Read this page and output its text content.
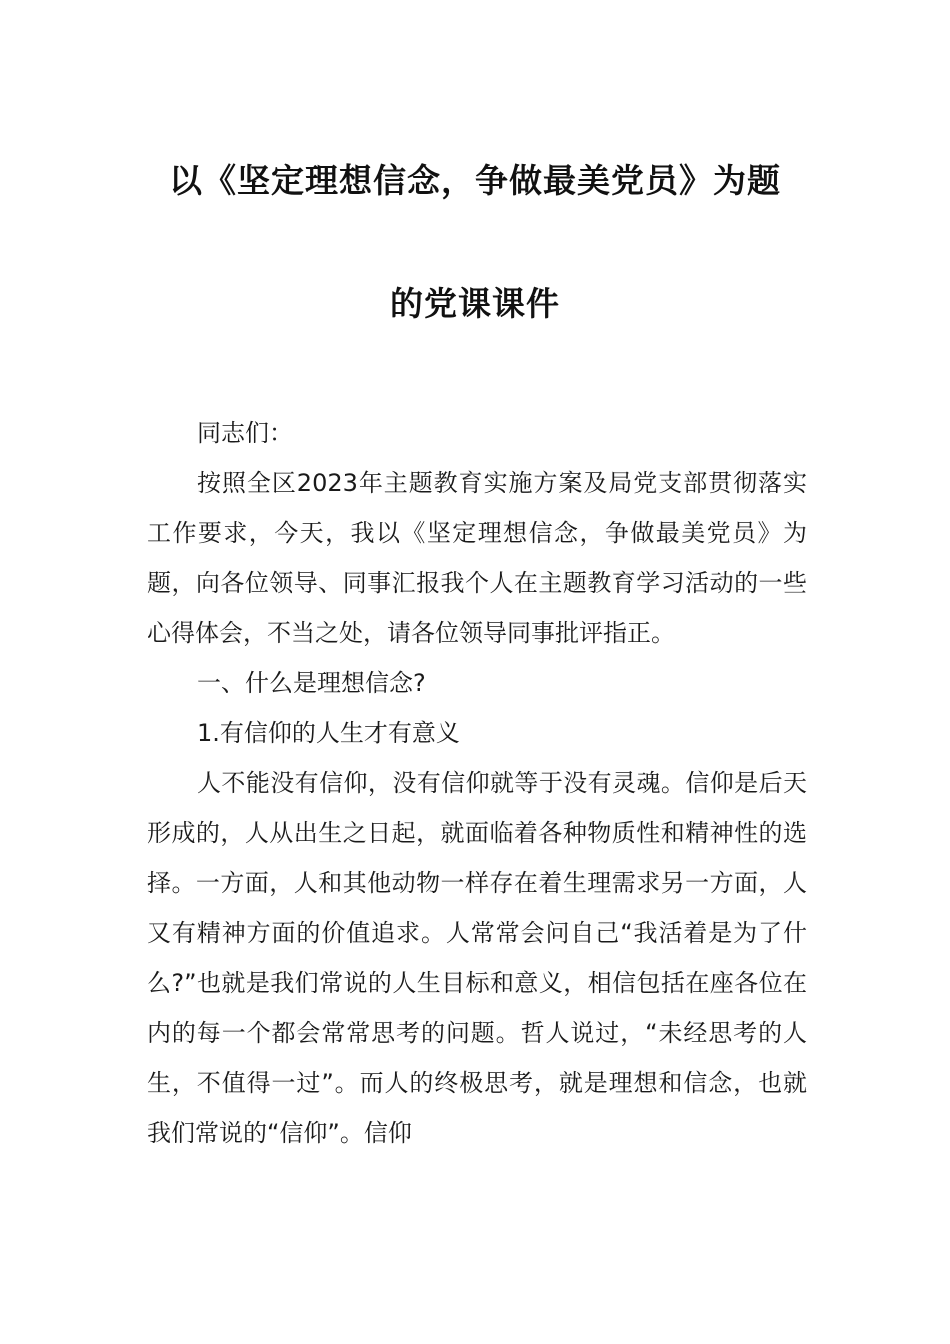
以《坚定理想信念，争做最美党员》为题
的党课课件

同志们：

按照全区2023年主题教育实施方案及局党支部贯彻落实工作要求，今天，我以《坚定理想信念，争做最美党员》为题，向各位领导、同事汇报我个人在主题教育学习活动的一些心得体会，不当之处，请各位领导同事批评指正。

一、什么是理想信念?

1.有信仰的人生才有意义

人不能没有信仰，没有信仰就等于没有灵魂。信仰是后天形成的，人从出生之日起，就面临着各种物质性和精神性的选择。一方面，人和其他动物一样存在着生理需求另一方面，人又有精神方面的价值追求。人常常会问自己“我活着是为了什么?”也就是我们常说的人生目标和意义，相信包括在座各位在内的每一个都会常常思考的问题。哲人说过，“未经思考的人生，不值得一过”。而人的终极思考，就是理想和信念，也就我们常说的“信仰”。信仰
